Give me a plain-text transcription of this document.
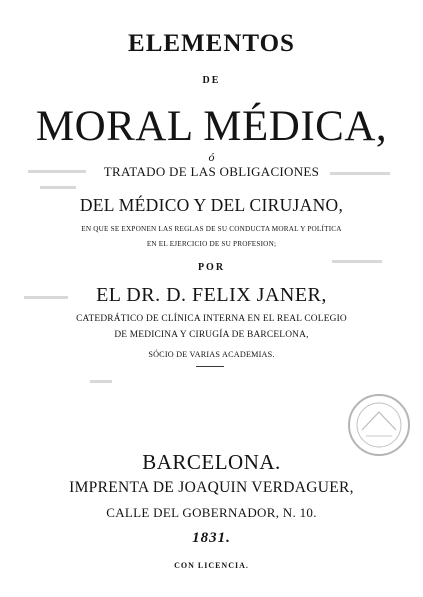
ELEMENTOS
DE
MORAL MÉDICA,
ó
TRATADO DE LAS OBLIGACIONES
DEL MÉDICO Y DEL CIRUJANO,
EN QUE SE EXPONEN LAS REGLAS DE SU CONDUCTA MORAL Y POLÍTICA
EN EL EJERCICIO DE SU PROFESION;
POR
EL DR. D. FELIX JANER,
CATEDRÁTICO DE CLÍNICA INTERNA EN EL REAL COLEGIO
DE MEDICINA Y CIRUGÍA DE BARCELONA,
SÓCIO DE VARIAS ACADEMIAS.
BARCELONA.
IMPRENTA DE JOAQUIN VERDAGUER,
CALLE DEL GOBERNADOR, N. 10.
1831.
CON LICENCIA.
